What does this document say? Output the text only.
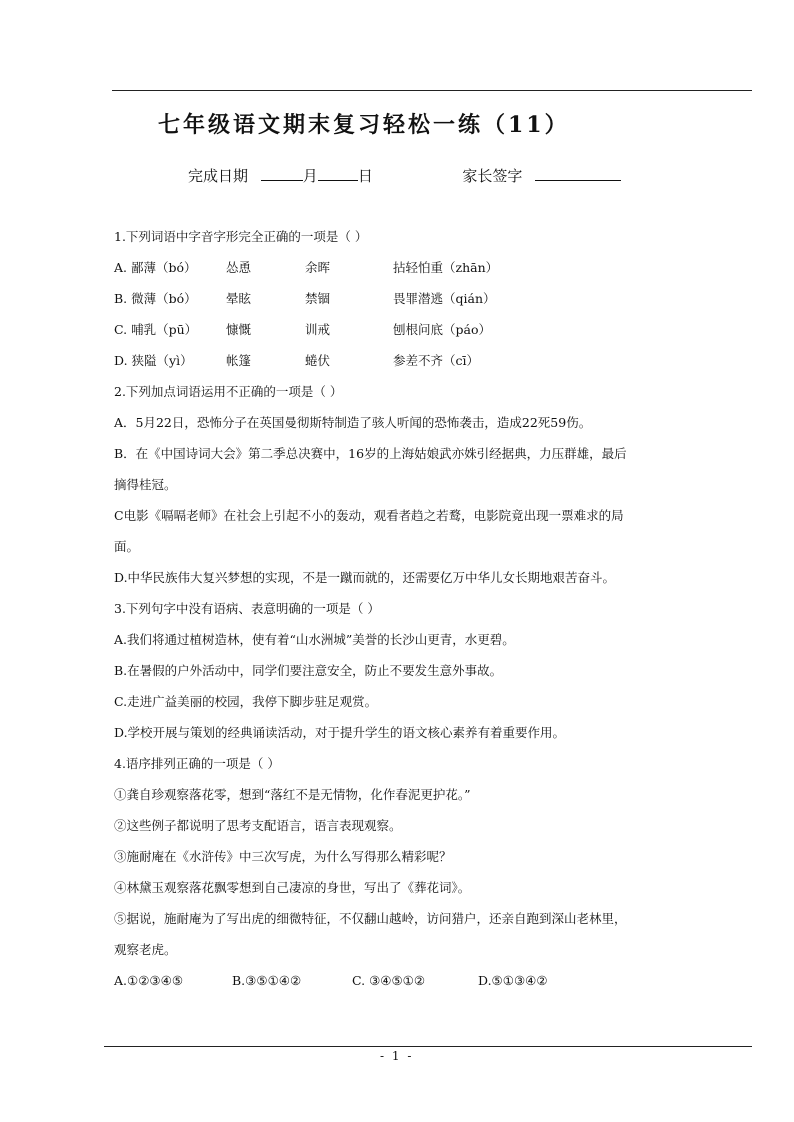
七年级语文期末复习轻松一练（11）
完成日期	月	日	家长签字
1.下列词语中字音字形完全正确的一项是（ ）
A. 鄙薄（bó）	怂恿	余晖	拈轻怕重（zhān）
B. 微薄（bó）	晕眩	禁锢	畏罪潜逃（qián）
C. 哺乳（pū）	慷慨	训戒	刨根问底（páo）
D. 狭隘（yì）	帐篷	蜷伏	参差不齐（cī）
2.下列加点词语运用不正确的一项是（ ）
A．5月22日，恐怖分子在英国曼彻斯特制造了骇人听闻的恐怖袭击，造成22死59伤。
B．在《中国诗词大会》第二季总决赛中，16岁的上海姑娘武亦姝引经据典，力压群雄，最后
摘得桂冠。
C电影《嗝嗝老师》在社会上引起不小的轰动，观看者趋之若鹜，电影院竟出现一票难求的局
面。
D.中华民族伟大复兴梦想的实现，不是一蹴而就的，还需要亿万中华儿女长期地艰苦奋斗。
3.下列句字中没有语病、表意明确的一项是（ ）
A.我们将通过植树造林，使有着“山水洲城”美誉的长沙山更青，水更碧。
B.在暑假的户外活动中，同学们要注意安全，防止不要发生意外事故。
C.走进广益美丽的校园，我停下脚步驻足观赏。
D.学校开展与策划的经典诵读活动，对于提升学生的语文核心素养有着重要作用。
4.语序排列正确的一项是（ ）
①龚自珍观察落花零，想到“落红不是无情物，化作春泥更护花。”
②这些例子都说明了思考支配语言，语言表现观察。
③施耐庵在《水浒传》中三次写虎，为什么写得那么精彩呢？
④林黛玉观察落花飘零想到自己凄凉的身世，写出了《葬花词》。
⑤据说，施耐庵为了写出虎的细微特征，不仅翻山越岭，访问猎户，还亲自跑到深山老林里，
观察老虎。
A.①②③④⑤	B.③⑤①④②	C. ③④⑤①②	D.⑤①③④②
- 1 -
